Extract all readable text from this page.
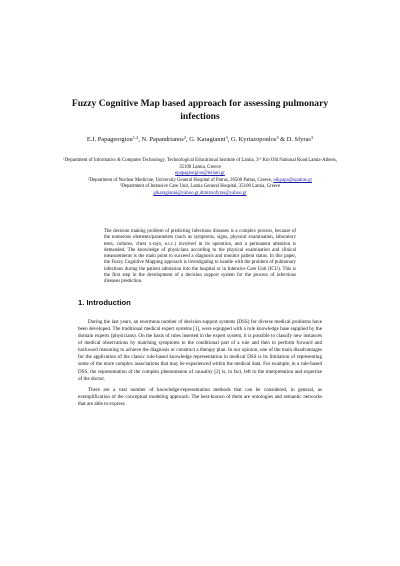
Fuzzy Cognitive Map based approach for assessing pulmonary infections

E.I. Papageorgiou$^{1,2}$, N. Papandrianos$^2$, G. Karagianni$^3$, G. Kyriazopoulos$^3$ & D. Sfyras$^3$

$^1$Department of Informatics & Computer Technology, Technological Educational Institute of Lamia, 3rd Km Old National Road Lamia-Athens, 35100 Lamia, Greece

epapageorgiou@teilam.gr

$^2$Department of Nuclear Medicine, University General Hospital of Patras, 26500 Patras, Greece, nikpapa@upatras.gr

$^3$Department of Intensive Care Unit, Lamia General Hospital, 35100 Lamia, Greece

gikaragianni@yahoo.gr,dimitrsofyras@yahoo.gr

The decision making problem of predicting infectious diseases is a complex process, because of the numerous elements/parameters (such as symptoms, signs, physical examination, laboratory tests, cultures, chest x-rays, e.t.c.) involved in its operation, and a permanent attention is demanded. The knowledge of physicians according to the physical examination and clinical measurements is the main point to succeed a diagnosis and monitor patient status. In this paper, the Fuzzy Cognitive Mapping approach is investigating to handle with the problem of pulmonary infections during the patient admission into the hospital or in Intensive Care Unit (ICU). This is the first step in the development of a decision support system for the process of infectious diseases prediction.

1. Introduction

During the last years, an enormous number of decision support systems (DSS) for diverse medical problems have been developed. The traditional medical expert systems [1], were equipped with a rule knowledge base supplied by the domain experts (physicians). On the basis of rules inserted in the expert system, it is possible to classify new instances of medical observations by matching symptoms to the conditional part of a rule and then to perform forward and backward reasoning to achieve the diagnosis or construct a therapy plan. In our opinion, one of the main disadvantages for the application of the classic rule-based knowledge representation in medical DSS is its limitation of representing some of the more complex associations that may be experienced within the medical data. For example, in a rule-based DSS, the representation of the complex phenomenon of causality [2] is, in fact, left to the interpretation and expertise of the doctor.

There are a vast number of knowledge-representation methods that can be considered, in general, as exemplification of the conceptual modeling approach. The best-known of them are ontologies and semantic networks that are able to express
